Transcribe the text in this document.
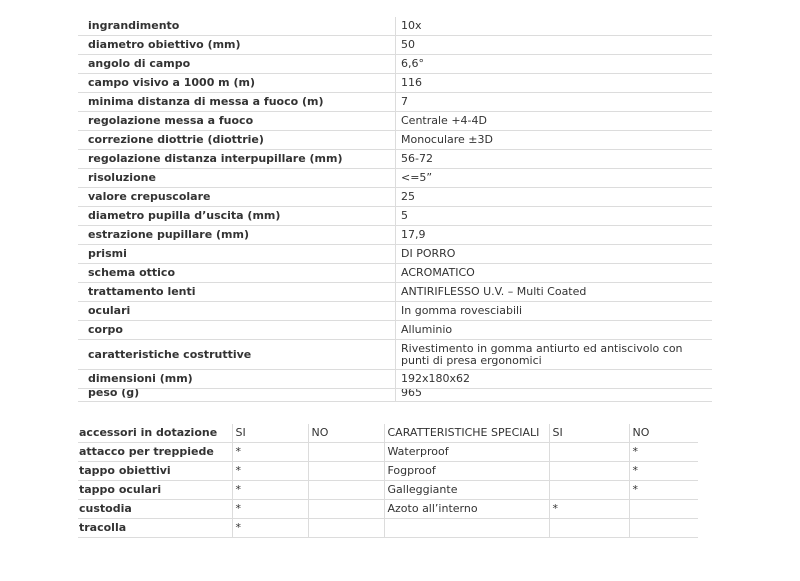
ingrandimento	10x
diametro obiettivo (mm)	50
angolo di campo	6,6°
campo visivo a 1000 m (m)	116
minima distanza di messa a fuoco (m)	7
regolazione messa a fuoco	Centrale +4-4D
correzione diottrie (diottrie)	Monoculare ±3D
regolazione distanza interpupillare (mm)	56-72
risoluzione	<=5”
valore crepuscolare	25
diametro pupilla d’uscita (mm)	5
estrazione pupillare (mm)	17,9
prismi	DI PORRO
schema ottico	ACROMATICO
trattamento lenti	ANTIRIFLESSO U.V. – Multi Coated
oculari	In gomma rovesciabili
corpo	Alluminio
caratteristiche costruttive	Rivestimento in gomma antiurto ed antiscivolo con punti di presa ergonomici
dimensioni (mm)	192x180x62
peso (g)	965
accessori in dotazione	SI	NO	CARATTERISTICHE SPECIALI	SI	NO
attacco per treppiede	*		Waterproof		*
tappo obiettivi	*		Fogproof		*
tappo oculari	*		Galleggiante		*
custodia	*		Azoto all’interno	*	
tracolla	*				
